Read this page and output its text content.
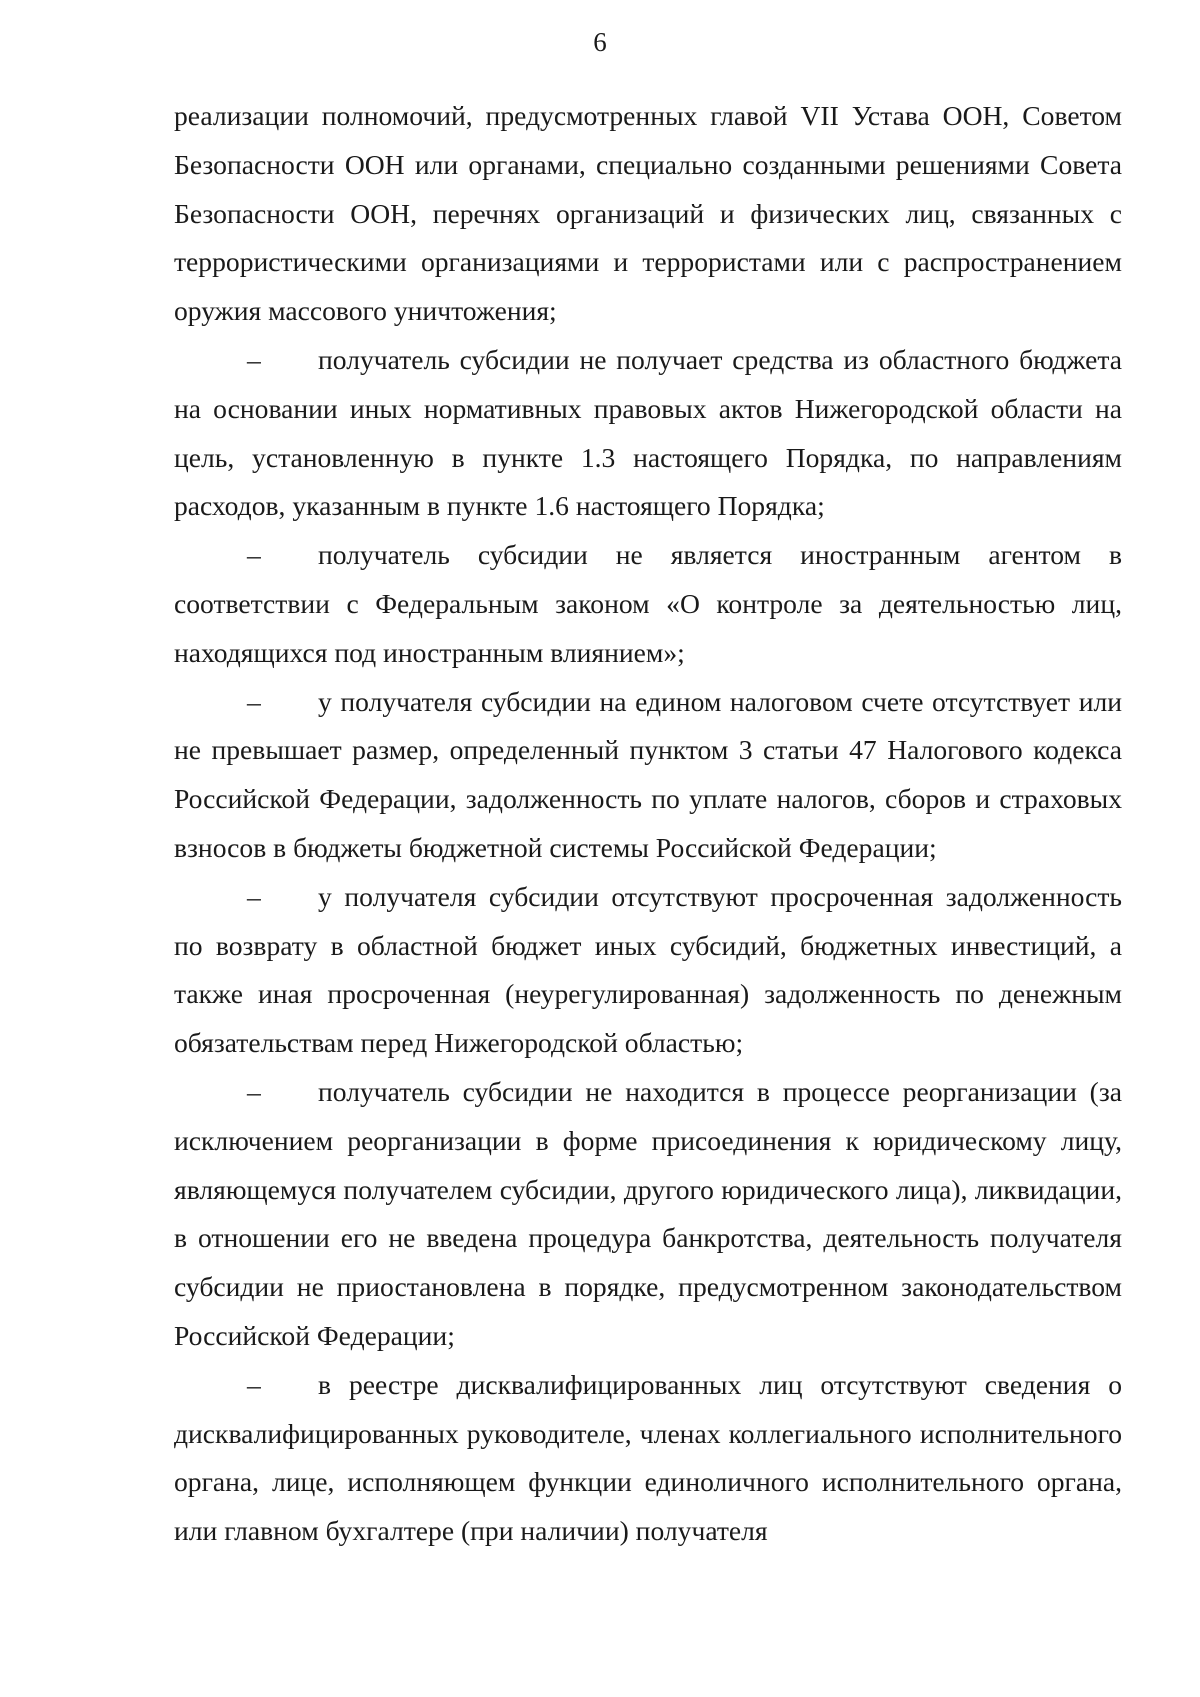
6

реализации полномочий, предусмотренных главой VII Устава ООН, Советом Безопасности ООН или органами, специально созданными решениями Совета Безопасности ООН, перечнях организаций и физических лиц, связанных с террористическими организациями и террористами или с распространением оружия массового уничтожения;

– получатель субсидии не получает средства из областного бюджета на основании иных нормативных правовых актов Нижегородской области на цель, установленную в пункте 1.3 настоящего Порядка, по направлениям расходов, указанным в пункте 1.6 настоящего Порядка;

– получатель субсидии не является иностранным агентом в соответствии с Федеральным законом «О контроле за деятельностью лиц, находящихся под иностранным влиянием»;

– у получателя субсидии на едином налоговом счете отсутствует или не превышает размер, определенный пунктом 3 статьи 47 Налогового кодекса Российской Федерации, задолженность по уплате налогов, сборов и страховых взносов в бюджеты бюджетной системы Российской Федерации;

– у получателя субсидии отсутствуют просроченная задолженность по возврату в областной бюджет иных субсидий, бюджетных инвестиций, а также иная просроченная (неурегулированная) задолженность по денежным обязательствам перед Нижегородской областью;

– получатель субсидии не находится в процессе реорганизации (за исключением реорганизации в форме присоединения к юридическому лицу, являющемуся получателем субсидии, другого юридического лица), ликвидации, в отношении его не введена процедура банкротства, деятельность получателя субсидии не приостановлена в порядке, предусмотренном законодательством Российской Федерации;

– в реестре дисквалифицированных лиц отсутствуют сведения о дисквалифицированных руководителе, членах коллегиального исполнительного органа, лице, исполняющем функции единоличного исполнительного органа, или главном бухгалтере (при наличии) получателя
